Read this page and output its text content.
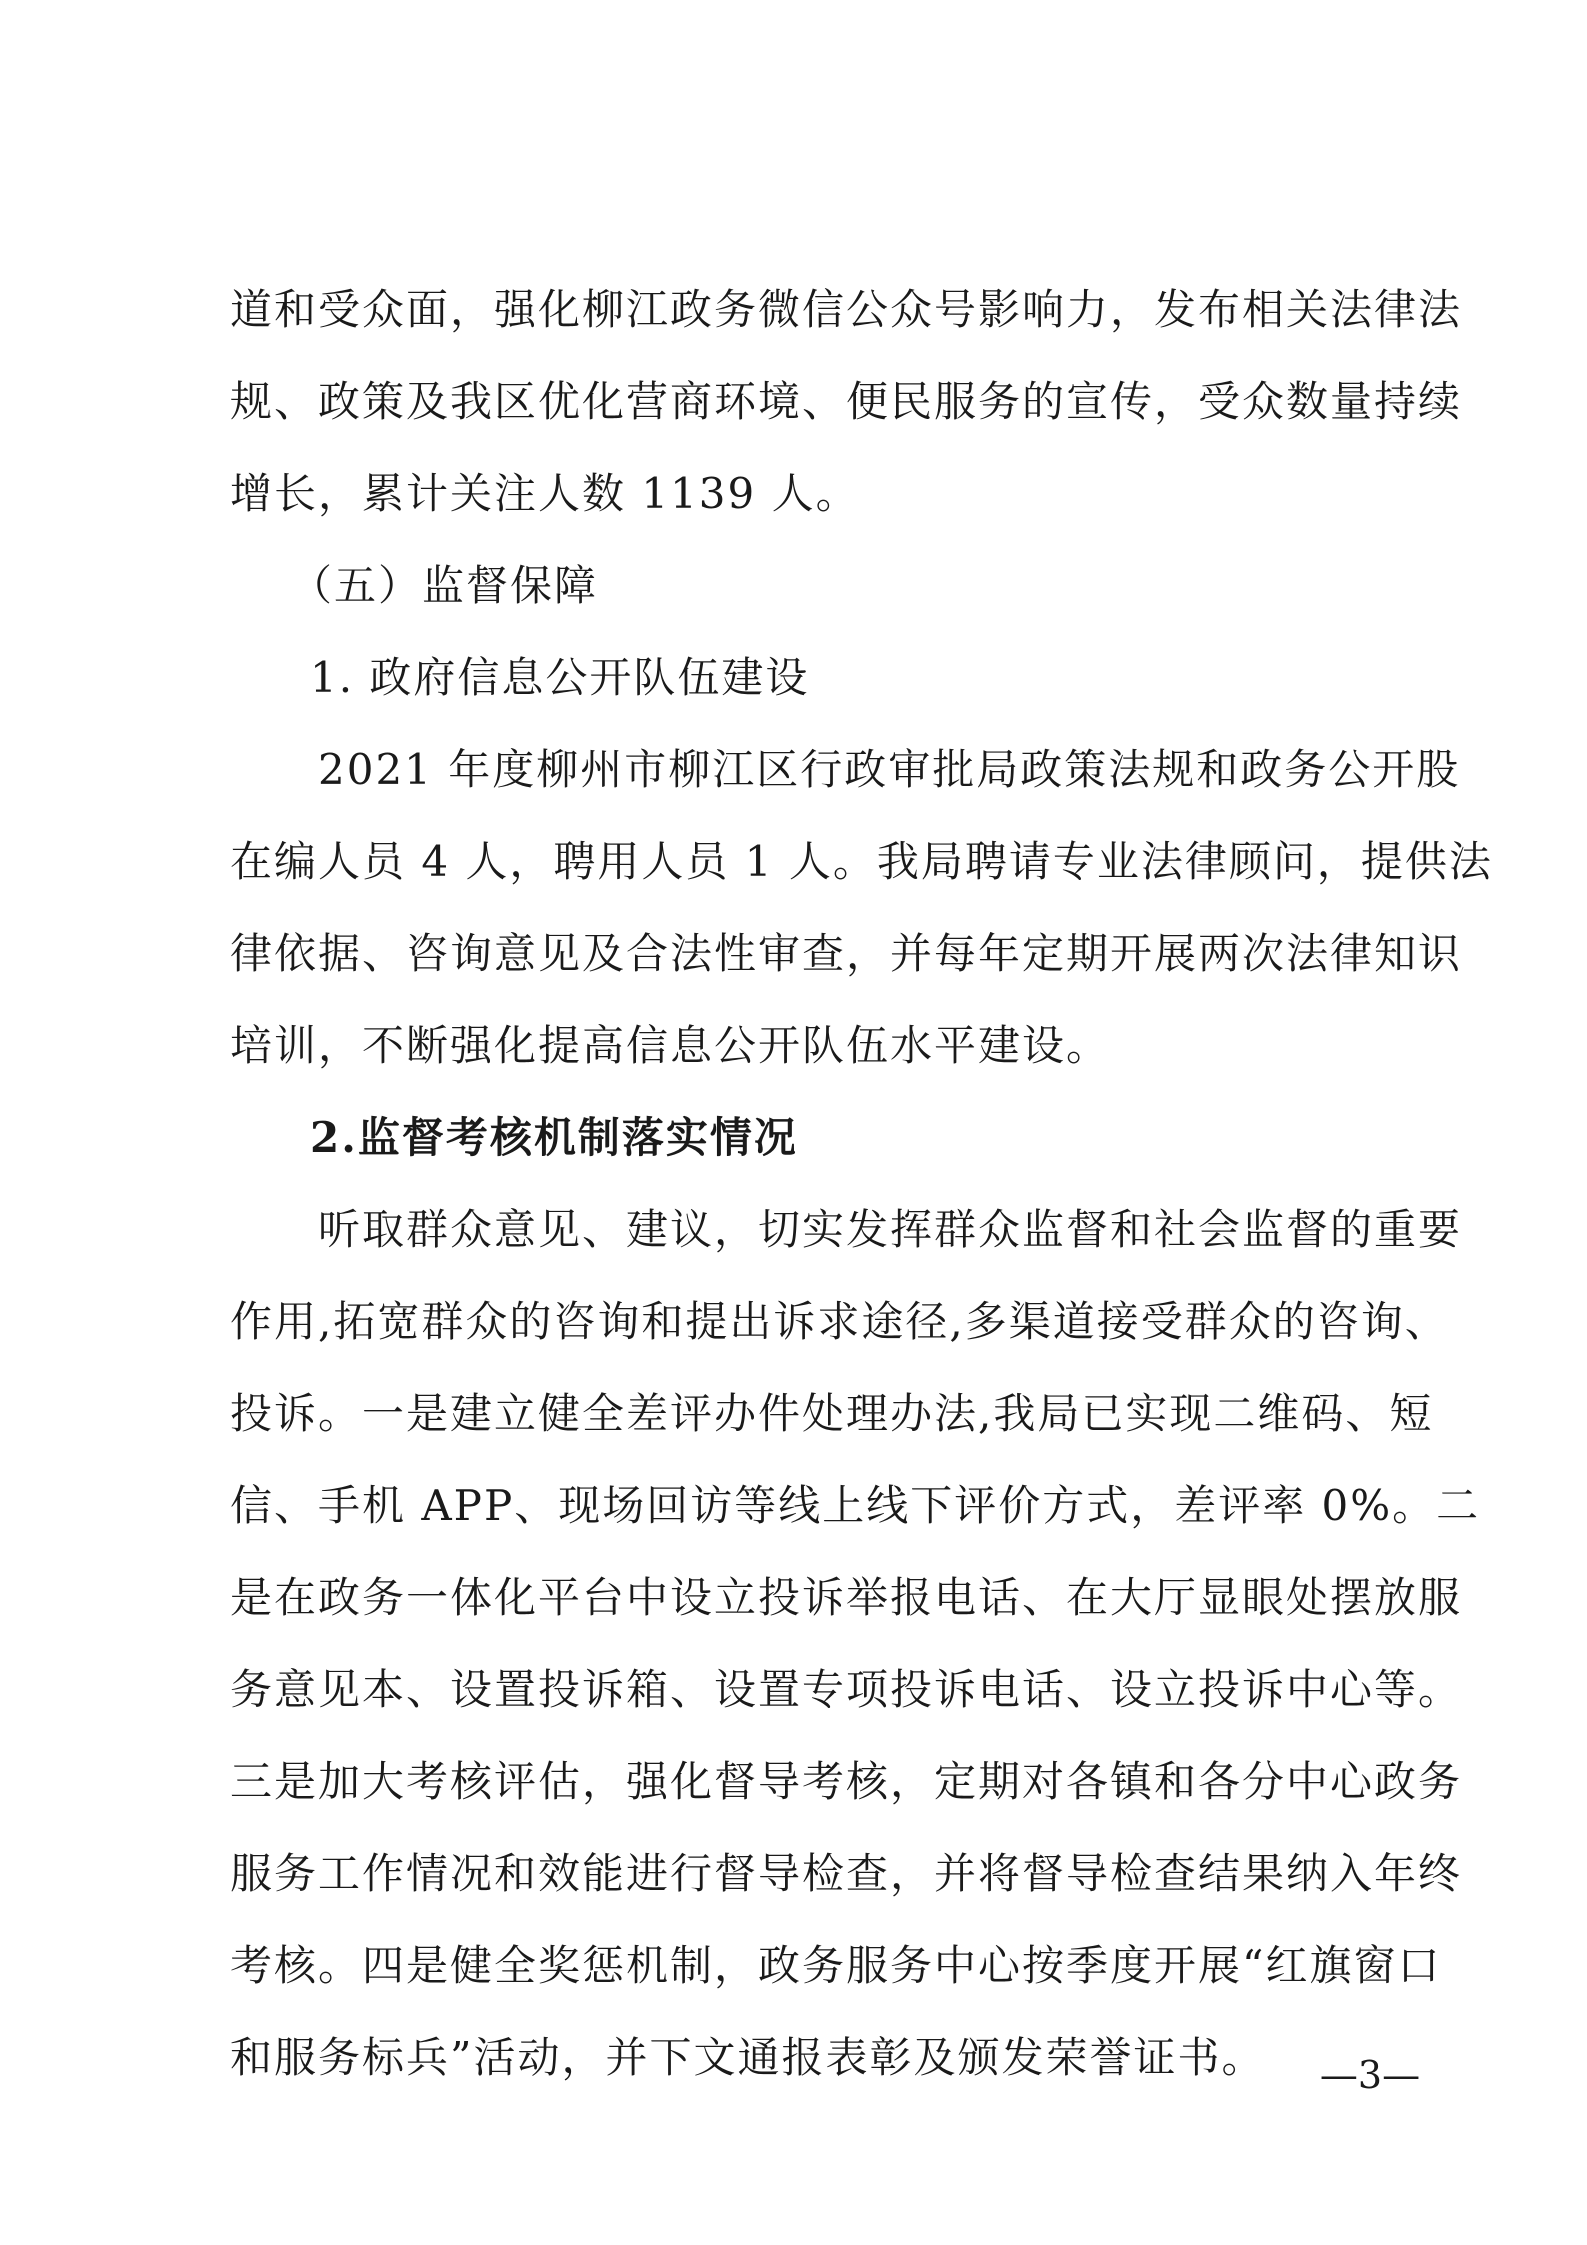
道和受众面，强化柳江政务微信公众号影响力，发布相关法律法
规、政策及我区优化营商环境、便民服务的宣传，受众数量持续
增长，累计关注人数 1139 人。
（五）监督保障
1. 政府信息公开队伍建设
2021 年度柳州市柳江区行政审批局政策法规和政务公开股
在编人员 4 人，聘用人员 1 人。我局聘请专业法律顾问，提供法
律依据、咨询意见及合法性审查，并每年定期开展两次法律知识
培训，不断强化提高信息公开队伍水平建设。
2.监督考核机制落实情况
听取群众意见、建议，切实发挥群众监督和社会监督的重要
作用,拓宽群众的咨询和提出诉求途径,多渠道接受群众的咨询、
投诉。一是建立健全差评办件处理办法,我局已实现二维码、短
信、手机 APP、现场回访等线上线下评价方式，差评率 0%。二
是在政务一体化平台中设立投诉举报电话、在大厅显眼处摆放服
务意见本、设置投诉箱、设置专项投诉电话、设立投诉中心等。
三是加大考核评估，强化督导考核，定期对各镇和各分中心政务
服务工作情况和效能进行督导检查，并将督导检查结果纳入年终
考核。四是健全奖惩机制，政务服务中心按季度开展“红旗窗口
和服务标兵”活动，并下文通报表彰及颁发荣誉证书。	—3—
